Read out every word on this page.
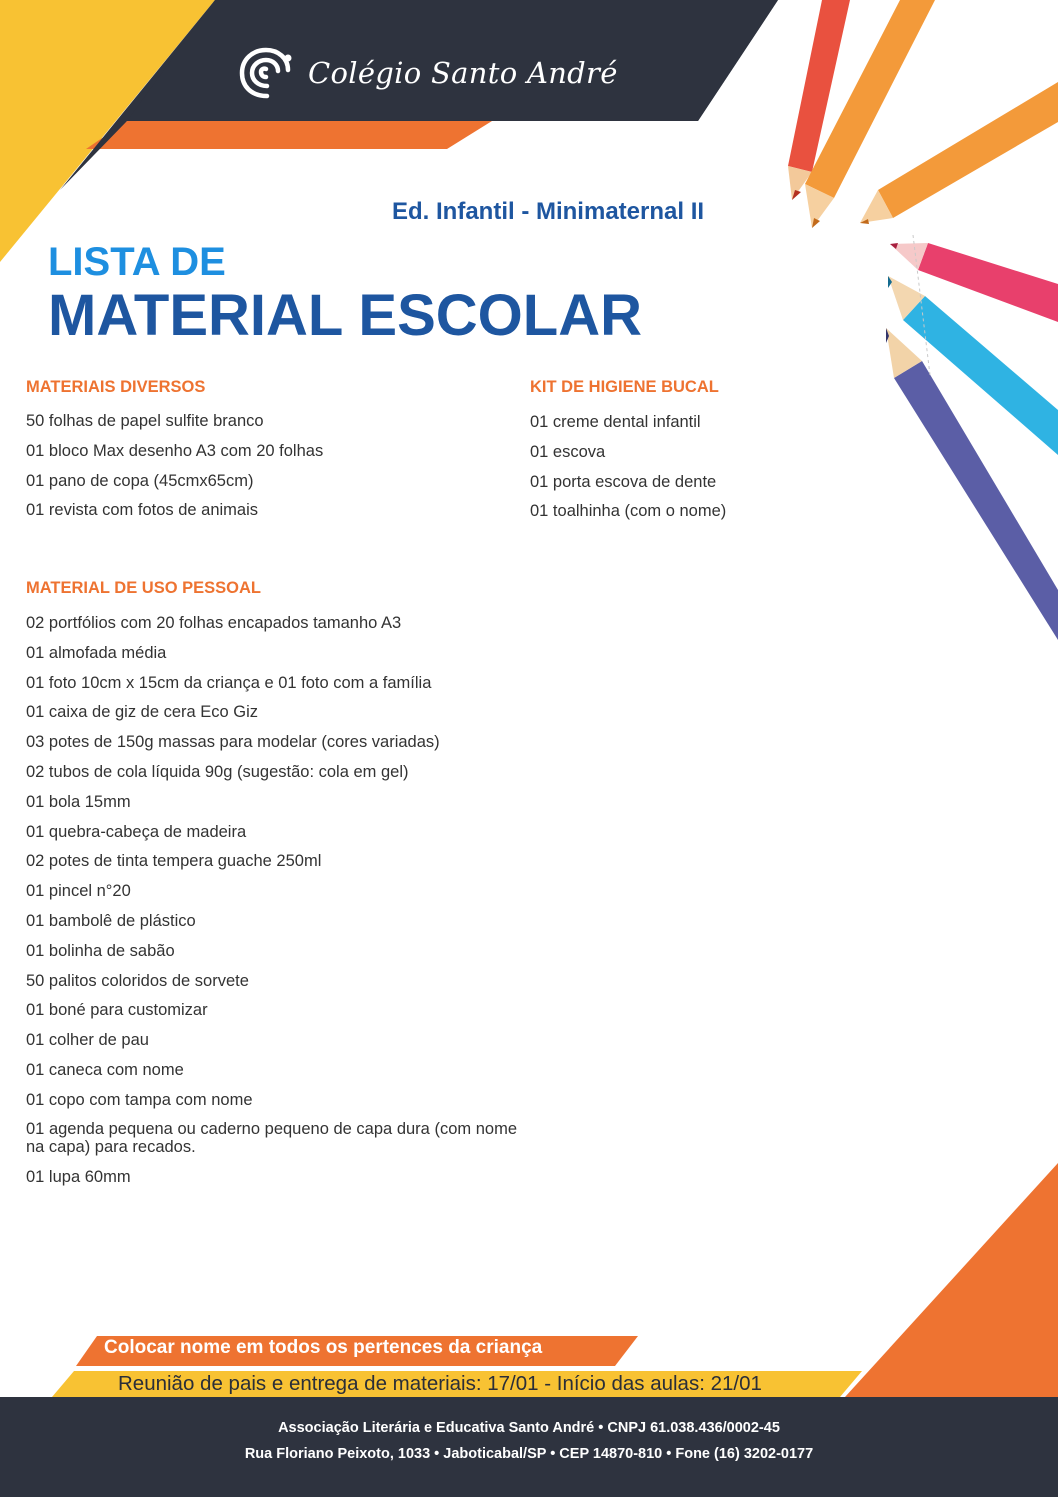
Colégio Santo André
Ed. Infantil - Minimaternal II
LISTA DE
MATERIAL ESCOLAR
MATERIAIS DIVERSOS
50 folhas de papel sulfite branco
01 bloco Max desenho A3 com 20 folhas
01 pano de copa (45cmx65cm)
01 revista com fotos de animais
KIT DE HIGIENE BUCAL
01 creme dental infantil
01 escova
01 porta escova de dente
01 toalhinha (com o nome)
MATERIAL DE USO PESSOAL
02 portfólios com 20 folhas encapados tamanho A3
01 almofada média
01 foto 10cm x 15cm da criança e 01 foto com a família
01 caixa de giz de cera Eco Giz
03 potes de 150g massas para modelar (cores variadas)
02 tubos de cola líquida 90g (sugestão: cola em gel)
01 bola 15mm
01 quebra-cabeça de madeira
02 potes de tinta tempera guache 250ml
01 pincel n°20
01 bambolê de plástico
01 bolinha de sabão
50 palitos coloridos de sorvete
01 boné para customizar
01 colher de pau
01 caneca com nome
01 copo com tampa com nome
01 agenda pequena ou caderno pequeno de capa dura (com nome na capa) para recados.
01 lupa 60mm
Colocar nome em todos os pertences da criança
Reunião de pais e entrega de materiais: 17/01 - Início das aulas: 21/01
Associação Literária e Educativa Santo André • CNPJ 61.038.436/0002-45
Rua Floriano Peixoto, 1033 • Jaboticabal/SP • CEP 14870-810 • Fone (16) 3202-0177
